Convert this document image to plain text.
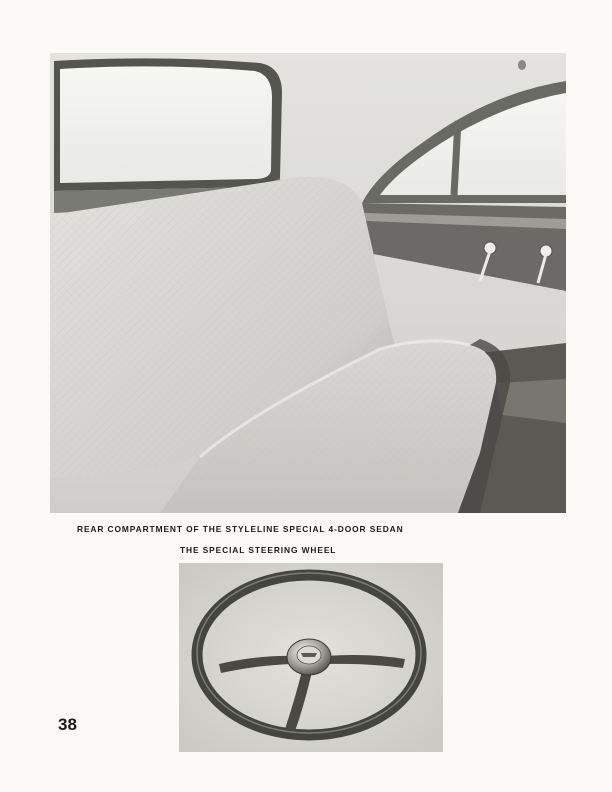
REAR COMPARTMENT OF THE STYLELINE SPECIAL 4-DOOR SEDAN
THE SPECIAL STEERING WHEEL
38
